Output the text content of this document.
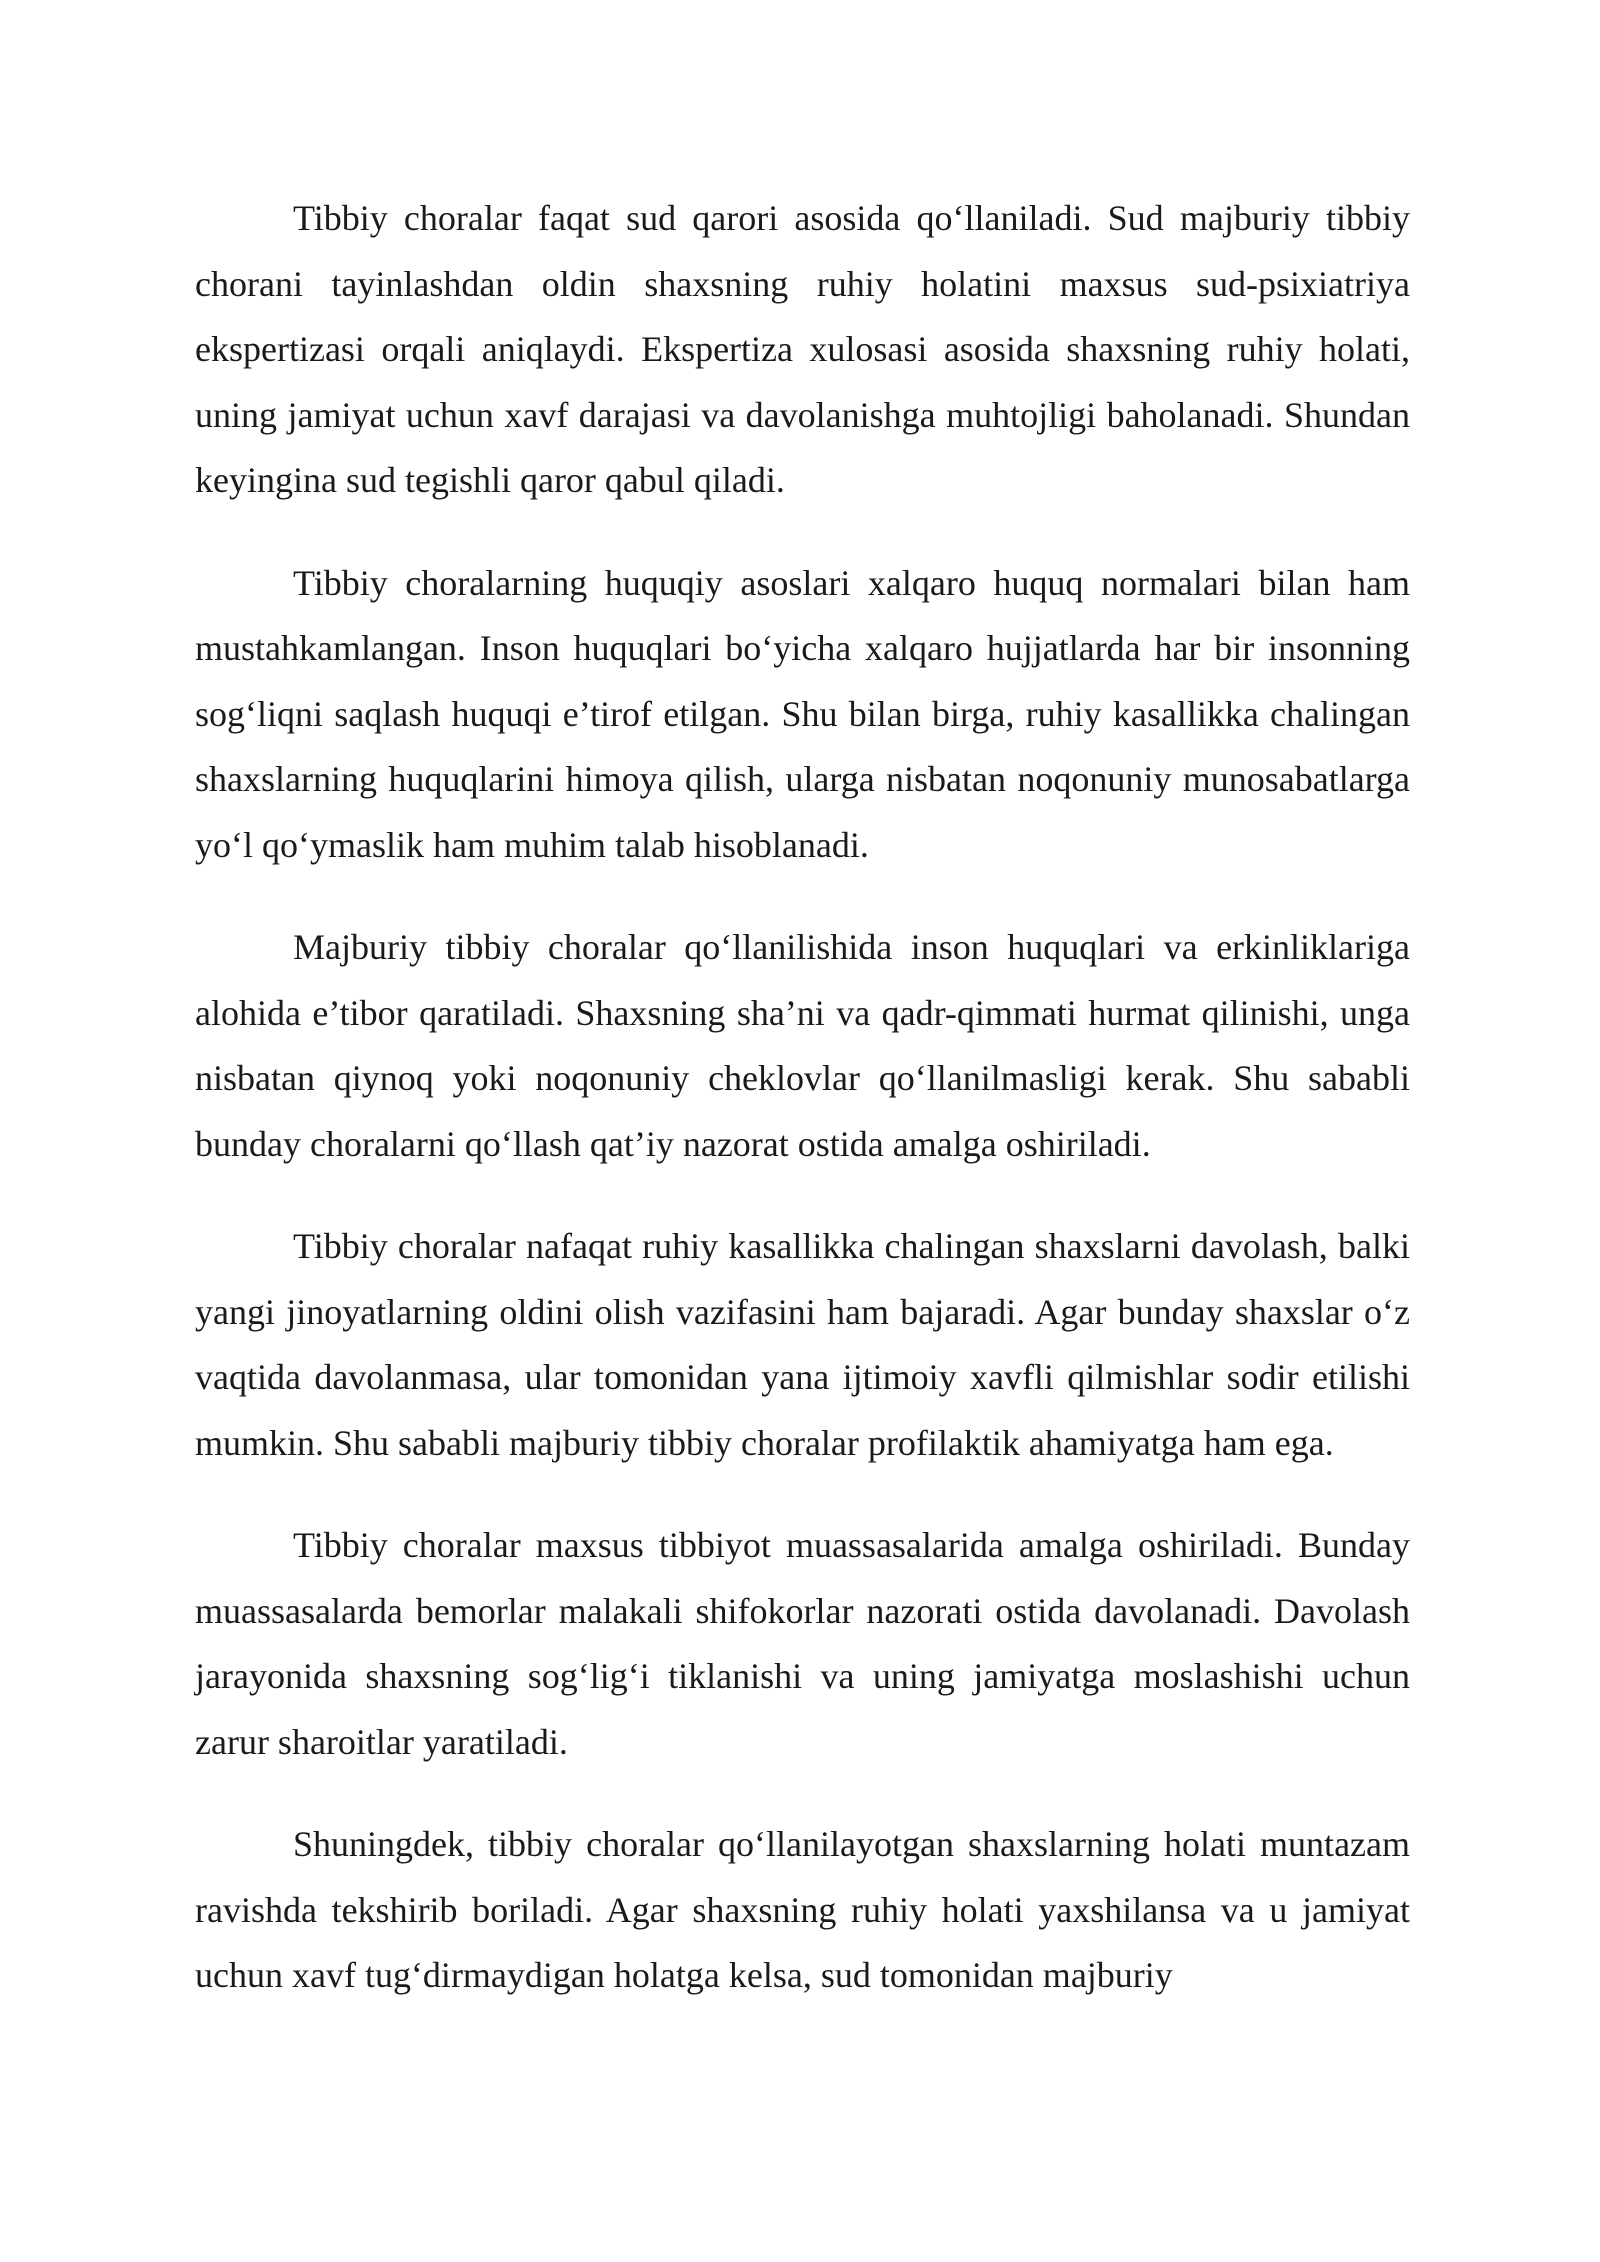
Tibbiy choralar faqat sud qarori asosida qo‘llaniladi. Sud majburiy tibbiy chorani tayinlashdan oldin shaxsning ruhiy holatini maxsus sud-psixiatriya ekspertizasi orqali aniqlaydi. Ekspertiza xulosasi asosida shaxsning ruhiy holati, uning jamiyat uchun xavf darajasi va davolanishga muhtojligi baholanadi. Shundan keyingina sud tegishli qaror qabul qiladi.

Tibbiy choralarning huquqiy asoslari xalqaro huquq normalari bilan ham mustahkamlangan. Inson huquqlari bo‘yicha xalqaro hujjatlarda har bir insonning sog‘liqni saqlash huquqi e’tirof etilgan. Shu bilan birga, ruhiy kasallikka chalingan shaxslarning huquqlarini himoya qilish, ularga nisbatan noqonuniy munosabatlarga yo‘l qo‘ymaslik ham muhim talab hisoblanadi.

Majburiy tibbiy choralar qo‘llanilishida inson huquqlari va erkinliklariga alohida e’tibor qaratiladi. Shaxsning sha’ni va qadr-qimmati hurmat qilinishi, unga nisbatan qiynoq yoki noqonuniy cheklovlar qo‘llanilmasligi kerak. Shu sababli bunday choralarni qo‘llash qat’iy nazorat ostida amalga oshiriladi.

Tibbiy choralar nafaqat ruhiy kasallikka chalingan shaxslarni davolash, balki yangi jinoyatlarning oldini olish vazifasini ham bajaradi. Agar bunday shaxslar o‘z vaqtida davolanmasa, ular tomonidan yana ijtimoiy xavfli qilmishlar sodir etilishi mumkin. Shu sababli majburiy tibbiy choralar profilaktik ahamiyatga ham ega.

Tibbiy choralar maxsus tibbiyot muassasalarida amalga oshiriladi. Bunday muassasalarda bemorlar malakali shifokorlar nazorati ostida davolanadi. Davolash jarayonida shaxsning sog‘lig‘i tiklanishi va uning jamiyatga moslashishi uchun zarur sharoitlar yaratiladi.

Shuningdek, tibbiy choralar qo‘llanilayotgan shaxslarning holati muntazam ravishda tekshirib boriladi. Agar shaxsning ruhiy holati yaxshilansa va u jamiyat uchun xavf tug‘dirmaydigan holatga kelsa, sud tomonidan majburiy
